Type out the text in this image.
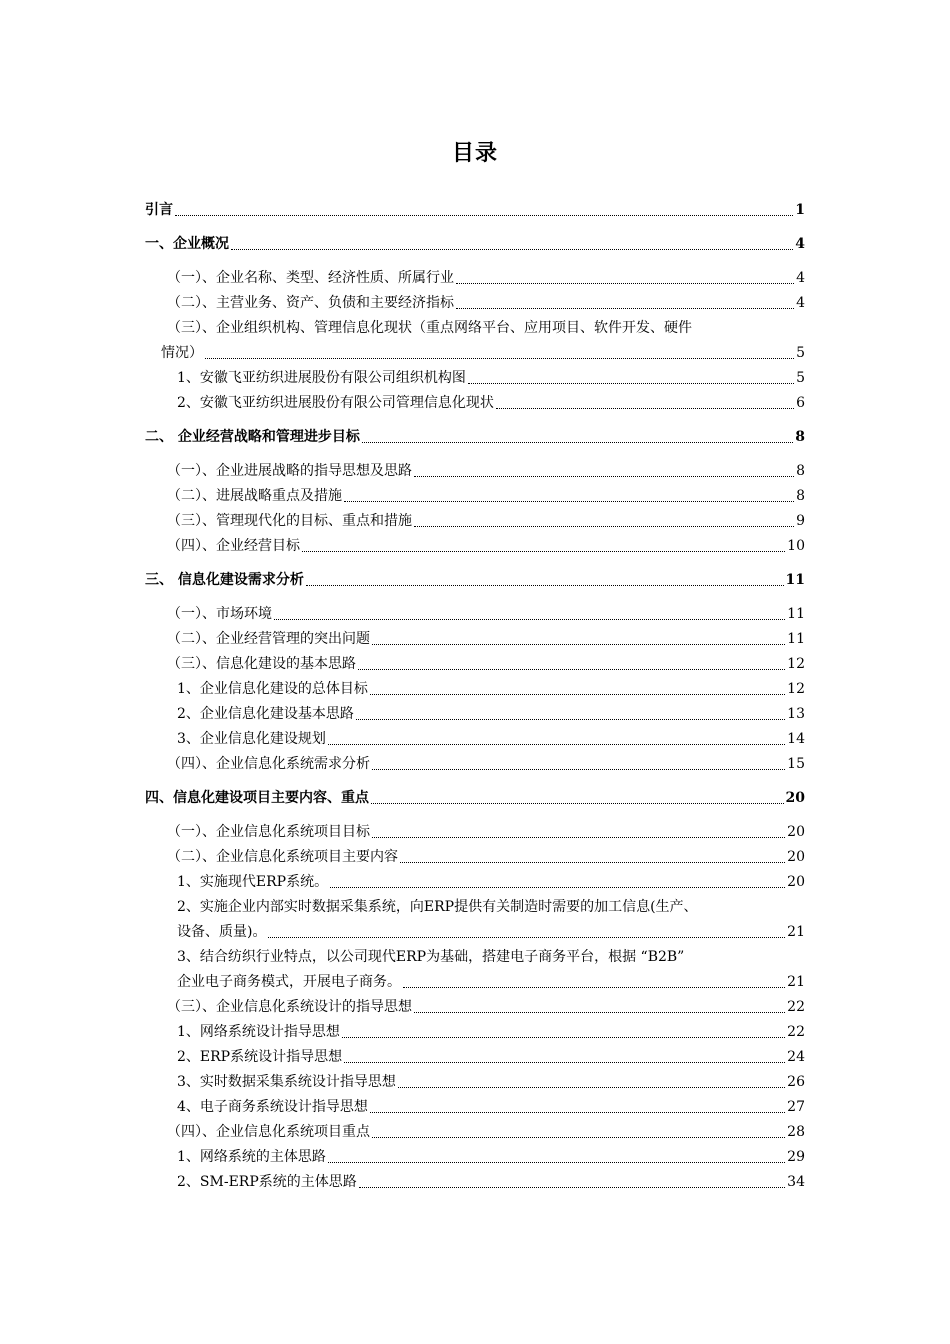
目录
引言	1
一、企业概况	4
（一）、企业名称、类型、经济性质、所属行业	4
（二）、主营业务、资产、负债和主要经济指标	4
（三）、企业组织机构、管理信息化现状（重点网络平台、应用项目、软件开发、硬件
情况）	5
1、安徽飞亚纺织进展股份有限公司组织机构图	5
2、安徽飞亚纺织进展股份有限公司管理信息化现状	6
二、 企业经营战略和管理进步目标	8
（一）、企业进展战略的指导思想及思路	8
（二）、进展战略重点及措施	8
（三）、管理现代化的目标、重点和措施	9
（四）、企业经营目标	10
三、 信息化建设需求分析	11
（一）、市场环境	11
（二）、企业经营管理的突出问题	11
（三）、信息化建设的基本思路	12
1、企业信息化建设的总体目标	12
2、企业信息化建设基本思路	13
3、企业信息化建设规划	14
（四）、企业信息化系统需求分析	15
四、信息化建设项目主要内容、重点	20
（一）、企业信息化系统项目目标	20
（二）、企业信息化系统项目主要内容	20
1、实施现代ERP系统。	20
2、实施企业内部实时数据采集系统，向ERP提供有关制造时需要的加工信息(生产、
设备、质量)。	21
3、结合纺织行业特点，以公司现代ERP为基础，搭建电子商务平台，根据 “B2B”
企业电子商务模式，开展电子商务。	21
（三）、企业信息化系统设计的指导思想	22
1、网络系统设计指导思想	22
2、ERP系统设计指导思想	24
3、实时数据采集系统设计指导思想	26
4、电子商务系统设计指导思想	27
（四）、企业信息化系统项目重点	28
1、网络系统的主体思路	29
2、SM-ERP系统的主体思路	34
